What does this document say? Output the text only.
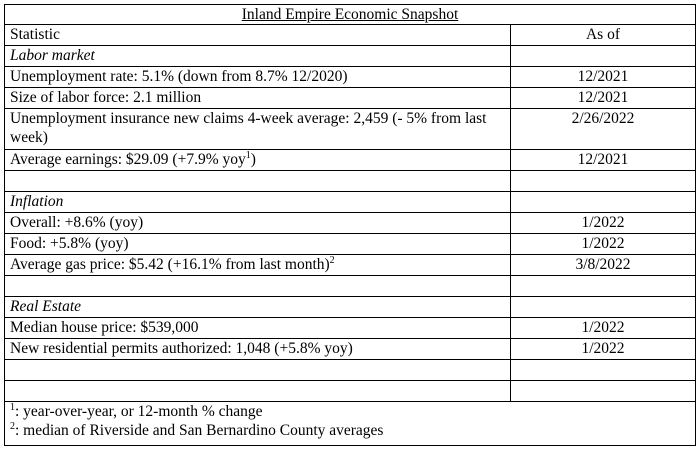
Inland Empire Economic Snapshot	
Statistic	As of
Labor market	
Unemployment rate: 5.1% (down from 8.7% 12/2020)	12/2021
Size of labor force: 2.1 million	12/2021
Unemployment insurance new claims 4-week average: 2,459 (- 5% from last week)	2/26/2022
Average earnings: $29.09 (+7.9% yoy$^1$)	12/2021

Inflation	
Overall: +8.6% (yoy)	1/2022
Food: +5.8% (yoy)	1/2022
Average gas price: $5.42 (+16.1% from last month)$^2$	3/8/2022

Real Estate	
Median house price: $539,000	1/2022
New residential permits authorized: 1,048 (+5.8% yoy)	1/2022

$^1$: year-over-year, or 12-month % change
$^2$: median of Riverside and San Bernardino County averages	
